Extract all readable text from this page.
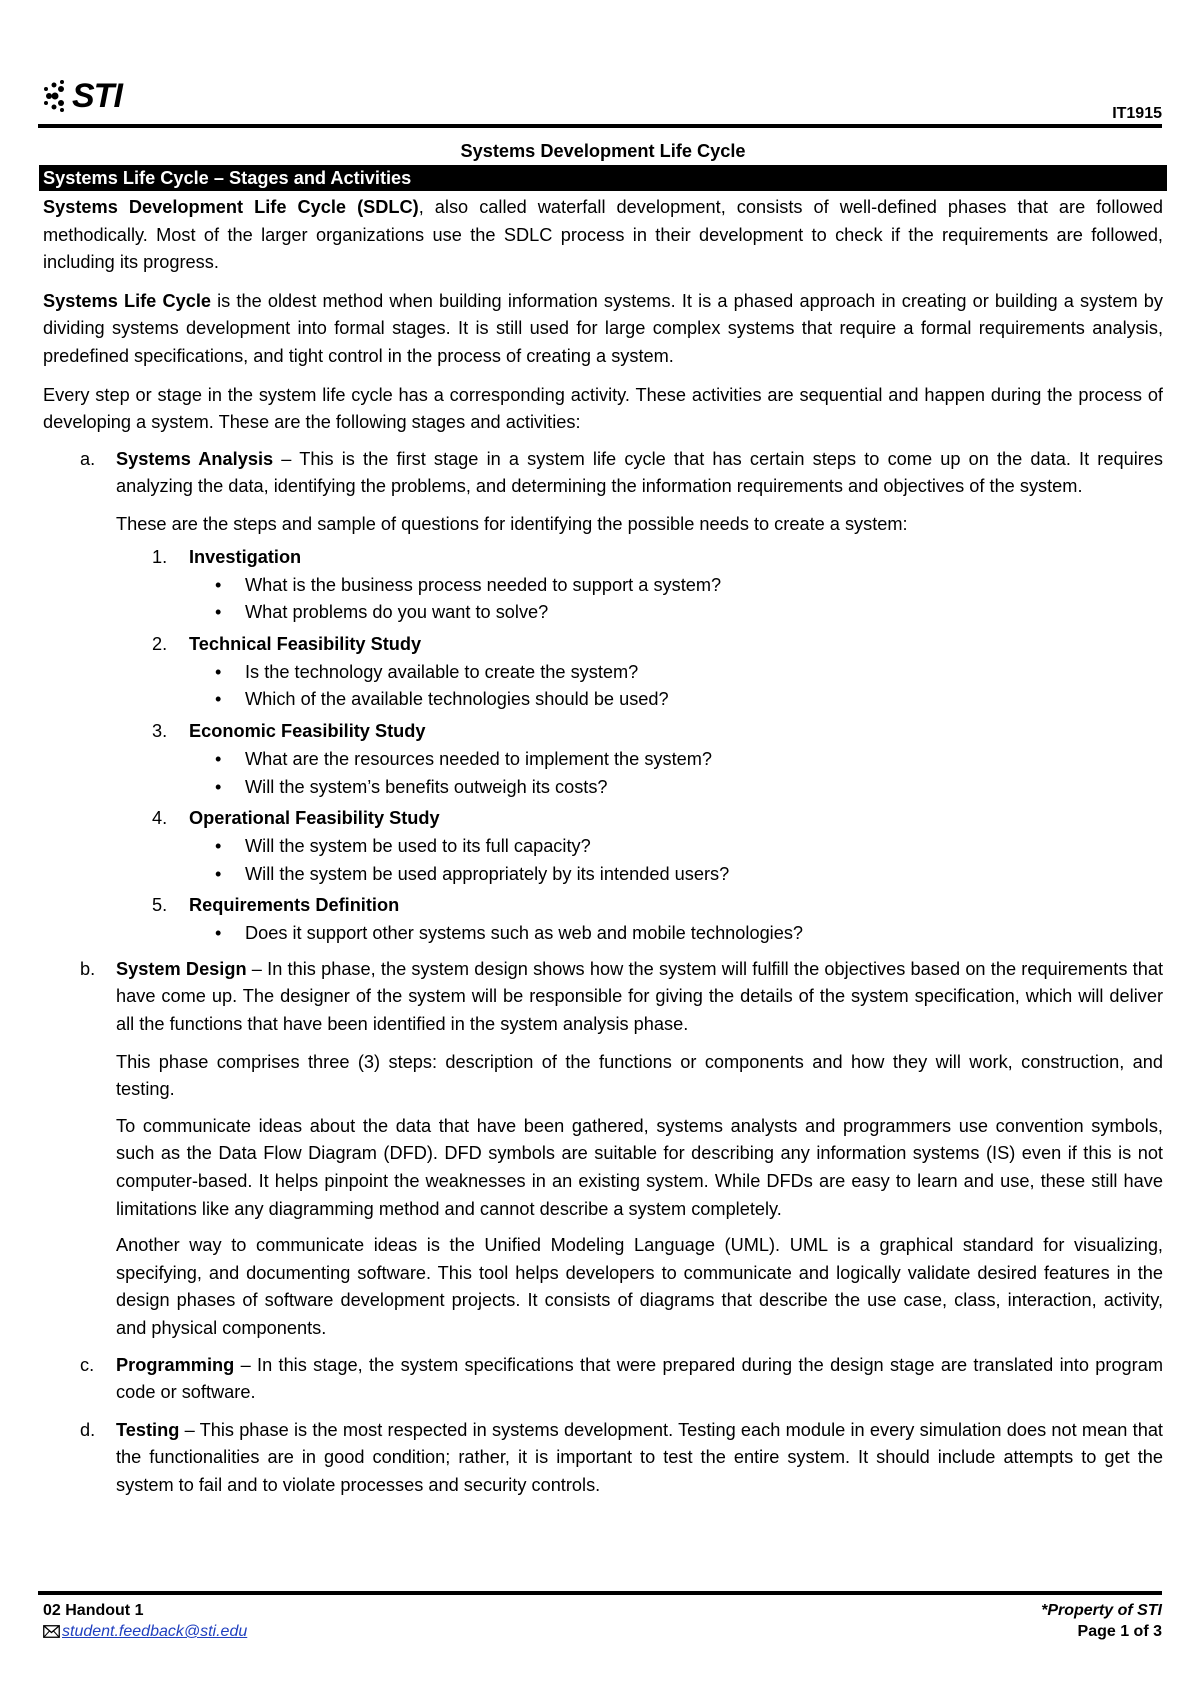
STI	IT1915
Systems Development Life Cycle
Systems Life Cycle – Stages and Activities

Systems Development Life Cycle (SDLC), also called waterfall development, consists of well-defined phases that are followed methodically. Most of the larger organizations use the SDLC process in their development to check if the requirements are followed, including its progress.

Systems Life Cycle is the oldest method when building information systems. It is a phased approach in creating or building a system by dividing systems development into formal stages. It is still used for large complex systems that require a formal requirements analysis, predefined specifications, and tight control in the process of creating a system.

Every step or stage in the system life cycle has a corresponding activity. These activities are sequential and happen during the process of developing a system. These are the following stages and activities:

a. Systems Analysis – This is the first stage in a system life cycle that has certain steps to come up on the data. It requires analyzing the data, identifying the problems, and determining the information requirements and objectives of the system.

These are the steps and sample of questions for identifying the possible needs to create a system:

1. Investigation
• What is the business process needed to support a system?
• What problems do you want to solve?
2. Technical Feasibility Study
• Is the technology available to create the system?
• Which of the available technologies should be used?
3. Economic Feasibility Study
• What are the resources needed to implement the system?
• Will the system’s benefits outweigh its costs?
4. Operational Feasibility Study
• Will the system be used to its full capacity?
• Will the system be used appropriately by its intended users?
5. Requirements Definition
• Does it support other systems such as web and mobile technologies?
b. System Design – In this phase, the system design shows how the system will fulfill the objectives based on the requirements that have come up. The designer of the system will be responsible for giving the details of the system specification, which will deliver all the functions that have been identified in the system analysis phase.

This phase comprises three (3) steps: description of the functions or components and how they will work, construction, and testing.

To communicate ideas about the data that have been gathered, systems analysts and programmers use convention symbols, such as the Data Flow Diagram (DFD). DFD symbols are suitable for describing any information systems (IS) even if this is not computer-based. It helps pinpoint the weaknesses in an existing system. While DFDs are easy to learn and use, these still have limitations like any diagramming method and cannot describe a system completely.

Another way to communicate ideas is the Unified Modeling Language (UML). UML is a graphical standard for visualizing, specifying, and documenting software. This tool helps developers to communicate and logically validate desired features in the design phases of software development projects. It consists of diagrams that describe the use case, class, interaction, activity, and physical components.

c. Programming – In this stage, the system specifications that were prepared during the design stage are translated into program code or software.

d. Testing – This phase is the most respected in systems development. Testing each module in every simulation does not mean that the functionalities are in good condition; rather, it is important to test the entire system. It should include attempts to get the system to fail and to violate processes and security controls.

02 Handout 1
student.feedback@sti.edu
*Property of STI
Page 1 of 3
